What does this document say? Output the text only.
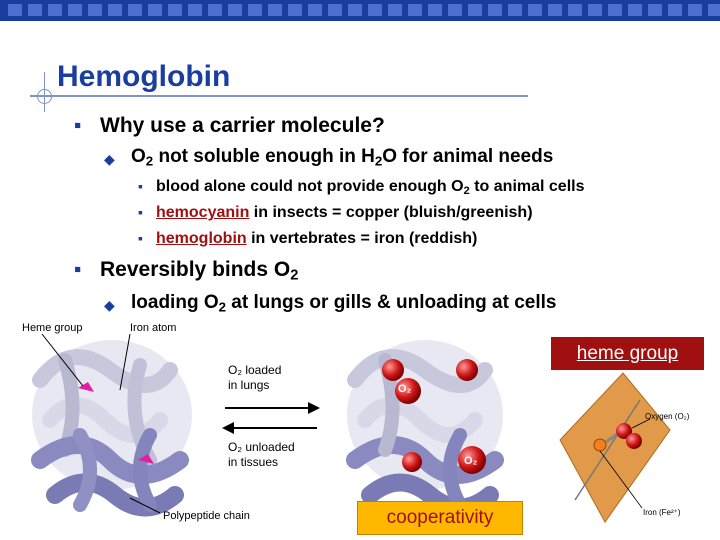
Hemoglobin
▪ Why use a carrier molecule?
◆ $O_2$ not soluble enough in $H_2O$ for animal needs
▪ blood alone could not provide enough $O_2$ to animal cells
▪ hemocyanin in insects = copper (bluish/greenish)
▪ hemoglobin in vertebrates = iron (reddish)
▪ Reversibly binds $O_2$
◆ loading $O_2$ at lungs or gills & unloading at cells
Heme group	Iron atom
O₂ loaded
in lungs
O₂ unloaded
in tissues
Polypeptide chain
O₂
O₂
Oxygen (O₂)
Iron (Fe²⁺)
heme group
cooperativity
